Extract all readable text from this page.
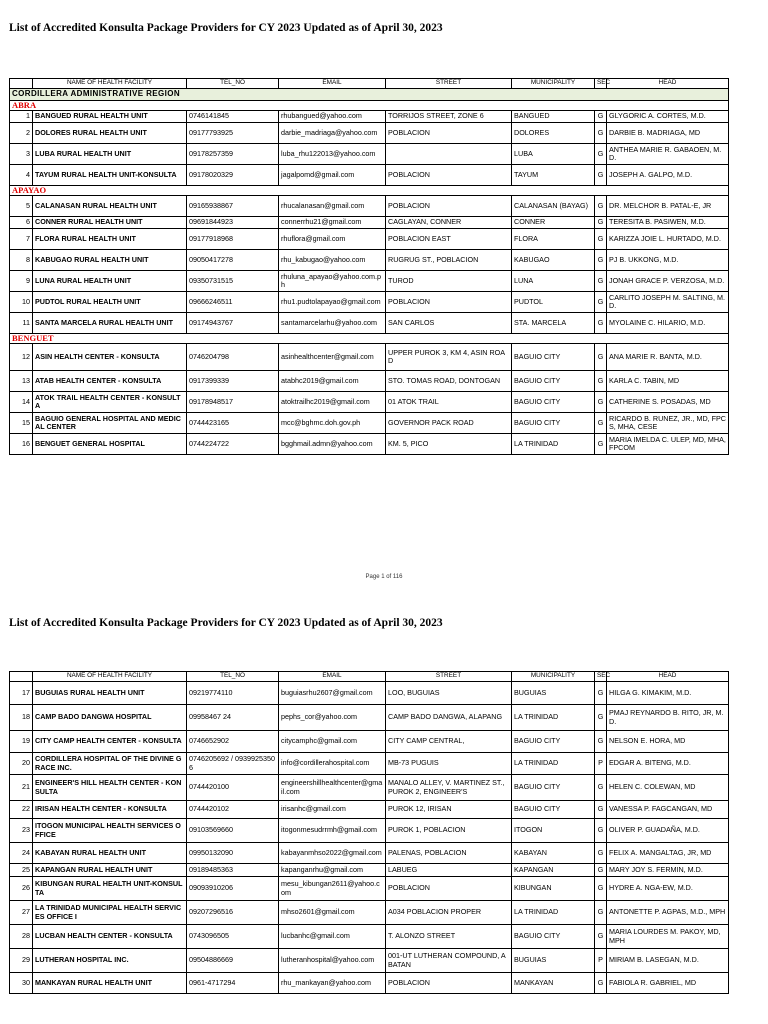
List of Accredited Konsulta Package Providers for CY 2023 Updated as of April 30, 2023
	NAME OF HEALTH FACILITY	TEL_NO	EMAIL	STREET	MUNICIPALITY	SEC	HEAD
CORDILLERA ADMINISTRATIVE REGION							
ABRA							
1	BANGUED RURAL HEALTH UNIT	0746141845	rhubangued@yahoo.com	TORRIJOS STREET, ZONE 6	BANGUED	G	GLYGORIC A. CORTES, M.D.
2	DOLORES RURAL HEALTH UNIT	09177793925	darbie_madriaga@yahoo.com	POBLACION	DOLORES	G	DARBIE B. MADRIAGA, MD
3	LUBA RURAL HEALTH UNIT	09178257359	luba_rhu122013@yahoo.com		LUBA	G	ANTHEA MARIE R. GABAOEN, M.D.
4	TAYUM RURAL HEALTH UNIT-KONSULTA	09178020329	jagalpomd@gmail.com	POBLACION	TAYUM	G	JOSEPH A. GALPO, M.D.
APAYAO							
5	CALANASAN RURAL HEALTH UNIT	09165938867	rhucalanasan@gmail.com	POBLACION	CALANASAN (BAYAG)	G	DR. MELCHOR B. PATAL-E, JR
6	CONNER RURAL HEALTH UNIT	09691844923	connerrhu21@gmail.com	CAGLAYAN, CONNER	CONNER	G	TERESITA B. PASIWEN, M.D.
7	FLORA RURAL HEALTH UNIT	09177918968	rhuflora@gmail.com	POBLACION EAST	FLORA	G	KARIZZA JOIE L. HURTADO, M.D.
8	KABUGAO RURAL HEALTH UNIT	09050417278	rhu_kabugao@yahoo.com	RUGRUG ST., POBLACION	KABUGAO	G	PJ B. UKKONG, M.D.
9	LUNA RURAL HEALTH UNIT	09350731515	rhuluna_apayao@yahoo.com.ph	TUROD	LUNA	G	JONAH GRACE P. VERZOSA, M.D.
10	PUDTOL RURAL HEALTH UNIT	09666246511	rhu1.pudtolapayao@gmail.com	POBLACION	PUDTOL	G	CARLITO JOSEPH M. SALTING, M.D.
11	SANTA MARCELA RURAL HEALTH UNIT	09174943767	santamarcelarhu@yahoo.com	SAN CARLOS	STA. MARCELA	G	MYOLAINE C. HILARIO, M.D.
BENGUET							
12	ASIN HEALTH CENTER - KONSULTA	0746204798	asinhealthcenter@gmail.com	UPPER PUROK 3, KM 4, ASIN ROAD	BAGUIO CITY	G	ANA MARIE R. BANTA, M.D.
13	ATAB HEALTH CENTER - KONSULTA	0917399339	atabhc2019@gmail.com	STO. TOMAS ROAD, DONTOGAN	BAGUIO CITY	G	KARLA C. TABIN, MD
14	ATOK TRAIL HEALTH CENTER - KONSULTA	09178948517	atoktrailhc2019@gmail.com	01 ATOK TRAIL	BAGUIO CITY	G	CATHERINE S. POSADAS, MD
15	BAGUIO GENERAL HOSPITAL AND MEDICAL CENTER	0744423165	mcc@bghmc.doh.gov.ph	GOVERNOR PACK ROAD	BAGUIO CITY	G	RICARDO B. RUNEZ, JR., MD, FPCS, MHA, CESE
16	BENGUET GENERAL HOSPITAL	0744224722	bgghmail.admn@yahoo.com	KM. 5, PICO	LA TRINIDAD	G	MARIA IMELDA C. ULEP, MD, MHA, FPCOM
Page 1 of 116
List of Accredited Konsulta Package Providers for CY 2023 Updated as of April 30, 2023
	NAME OF HEALTH FACILITY	TEL_NO	EMAIL	STREET	MUNICIPALITY	SEC	HEAD
17	BUGUIAS RURAL HEALTH UNIT	09219774110	buguiasrhu2607@gmail.com	LOO, BUGUIAS	BUGUIAS	G	HILGA G. KIMAKIM, M.D.
18	CAMP BADO DANGWA HOSPITAL	09958467 24	pephs_cor@yahoo.com	CAMP BADO DANGWA, ALAPANG	LA TRINIDAD	G	PMAJ REYNARDO B. RITO, JR, M.D.
19	CITY CAMP HEALTH CENTER - KONSULTA	0746652902	citycamphc@gmail.com	CITY CAMP CENTRAL,	BAGUIO CITY	G	NELSON E. HORA, MD
20	CORDILLERA HOSPITAL OF THE DIVINE GRACE INC.	0746205692 / 09399253506	info@cordillerahospital.com	MB-73 PUGUIS	LA TRINIDAD	P	EDGAR A. BITENG, M.D.
21	ENGINEER'S HILL HEALTH CENTER - KONSULTA	0744420100	engineershillhealthcenter@gmail.com	MANALO ALLEY, V. MARTINEZ ST., PUROK 2, ENGINEER'S	BAGUIO CITY	G	HELEN C. COLEWAN, MD
22	IRISAN HEALTH CENTER - KONSULTA	0744420102	irisanhc@gmail.com	PUROK 12, IRISAN	BAGUIO CITY	G	VANESSA P. FAGCANGAN, MD
23	ITOGON MUNICIPAL HEALTH SERVICES OFFICE	09103569660	itogonmesudrrmh@gmail.com	PUROK 1, POBLACION	ITOGON	G	OLIVER P. GUADAÑA, M.D.
24	KABAYAN RURAL HEALTH UNIT	09950132090	kabayanmhso2022@gmail.com	PALENAS, POBLACION	KABAYAN	G	FELIX A. MANGALTAG, JR, MD
25	KAPANGAN RURAL HEALTH UNIT	09189485363	kapanganrhu@gmail.com	LABUEG	KAPANGAN	G	MARY JOY S. FERMIN, M.D.
26	KIBUNGAN RURAL HEALTH UNIT-KONSULTA	09093910206	mesu_kibungan2611@yahoo.com	POBLACION	KIBUNGAN	G	HYDRE A. NGA-EW, M.D.
27	LA TRINIDAD MUNICIPAL HEALTH SERVICES OFFICE I	09207296516	mhso2601@gmail.com	A034 POBLACION PROPER	LA TRINIDAD	G	ANTONETTE P. AGPAS, M.D., MPH
28	LUCBAN HEALTH CENTER - KONSULTA	0743096505	lucbanhc@gmail.com	T. ALONZO STREET	BAGUIO CITY	G	MARIA LOURDES M. PAKOY, MD, MPH
29	LUTHERAN HOSPITAL INC.	09504886669	lutheranhospital@yahoo.com	001-UT LUTHERAN COMPOUND, ABATAN	BUGUIAS	P	MIRIAM B. LASEGAN, M.D.
30	MANKAYAN RURAL HEALTH UNIT	0961-4717294	rhu_mankayan@yahoo.com	POBLACION	MANKAYAN	G	FABIOLA R. GABRIEL, MD
